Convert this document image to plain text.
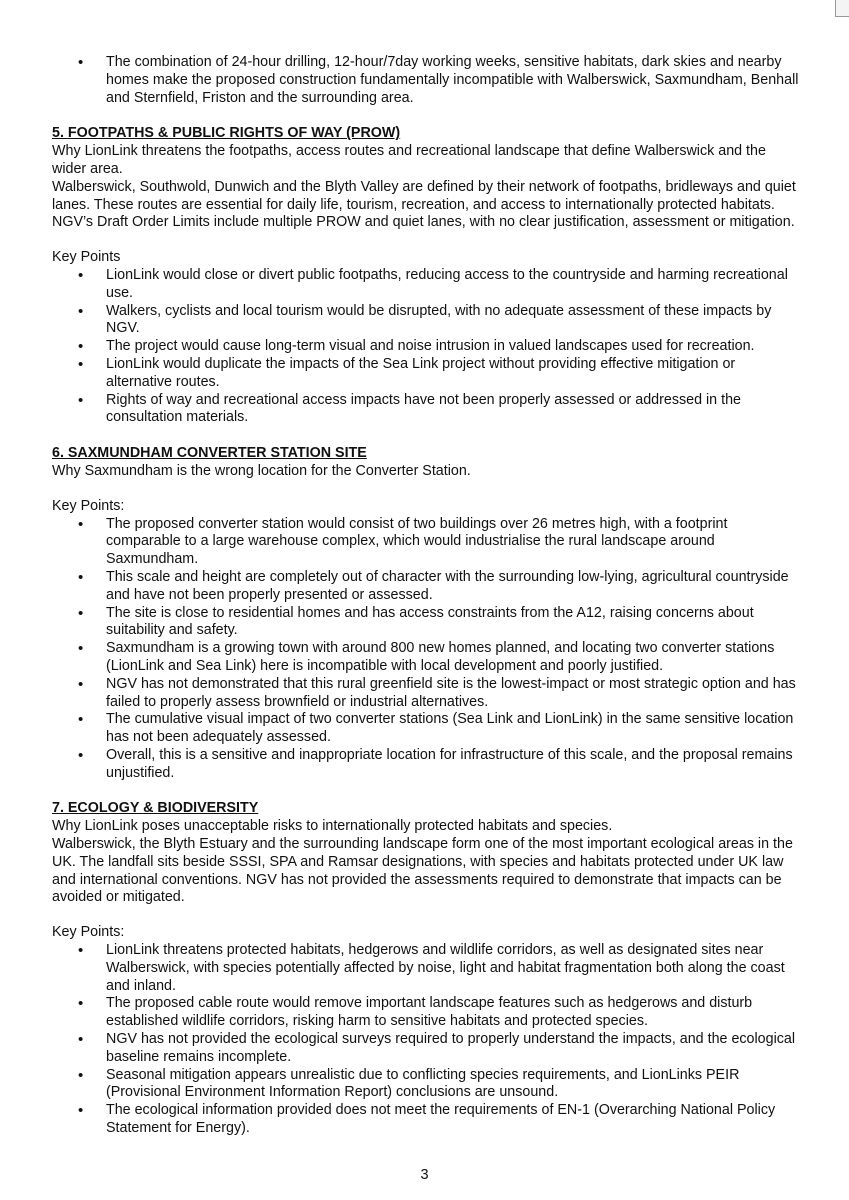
• The combination of 24-hour drilling, 12-hour/7day working weeks, sensitive habitats, dark skies and nearby homes make the proposed construction fundamentally incompatible with Walberswick, Saxmundham, Benhall and Sternfield, Friston and the surrounding area.
5. FOOTPATHS & PUBLIC RIGHTS OF WAY (PROW)
Why LionLink threatens the footpaths, access routes and recreational landscape that define Walberswick and the wider area.
Walberswick, Southwold, Dunwich and the Blyth Valley are defined by their network of footpaths, bridleways and quiet lanes. These routes are essential for daily life, tourism, recreation, and access to internationally protected habitats. NGV’s Draft Order Limits include multiple PROW and quiet lanes, with no clear justification, assessment or mitigation.
Key Points
• LionLink would close or divert public footpaths, reducing access to the countryside and harming recreational use.
• Walkers, cyclists and local tourism would be disrupted, with no adequate assessment of these impacts by NGV.
• The project would cause long-term visual and noise intrusion in valued landscapes used for recreation.
• LionLink would duplicate the impacts of the Sea Link project without providing effective mitigation or alternative routes.
• Rights of way and recreational access impacts have not been properly assessed or addressed in the consultation materials.
6. SAXMUNDHAM CONVERTER STATION SITE
Why Saxmundham is the wrong location for the Converter Station.
Key Points:
• The proposed converter station would consist of two buildings over 26 metres high, with a footprint comparable to a large warehouse complex, which would industrialise the rural landscape around Saxmundham.
• This scale and height are completely out of character with the surrounding low-lying, agricultural countryside and have not been properly presented or assessed.
• The site is close to residential homes and has access constraints from the A12, raising concerns about suitability and safety.
• Saxmundham is a growing town with around 800 new homes planned, and locating two converter stations (LionLink and Sea Link) here is incompatible with local development and poorly justified.
• NGV has not demonstrated that this rural greenfield site is the lowest-impact or most strategic option and has failed to properly assess brownfield or industrial alternatives.
• The cumulative visual impact of two converter stations (Sea Link and LionLink) in the same sensitive location has not been adequately assessed.
• Overall, this is a sensitive and inappropriate location for infrastructure of this scale, and the proposal remains unjustified.
7. ECOLOGY & BIODIVERSITY
Why LionLink poses unacceptable risks to internationally protected habitats and species.
Walberswick, the Blyth Estuary and the surrounding landscape form one of the most important ecological areas in the UK. The landfall sits beside SSSI, SPA and Ramsar designations, with species and habitats protected under UK law and international conventions. NGV has not provided the assessments required to demonstrate that impacts can be avoided or mitigated.
Key Points:
• LionLink threatens protected habitats, hedgerows and wildlife corridors, as well as designated sites near Walberswick, with species potentially affected by noise, light and habitat fragmentation both along the coast and inland.
• The proposed cable route would remove important landscape features such as hedgerows and disturb established wildlife corridors, risking harm to sensitive habitats and protected species.
• NGV has not provided the ecological surveys required to properly understand the impacts, and the ecological baseline remains incomplete.
• Seasonal mitigation appears unrealistic due to conflicting species requirements, and LionLinks PEIR (Provisional Environment Information Report) conclusions are unsound.
• The ecological information provided does not meet the requirements of EN-1 (Overarching National Policy Statement for Energy).
3
